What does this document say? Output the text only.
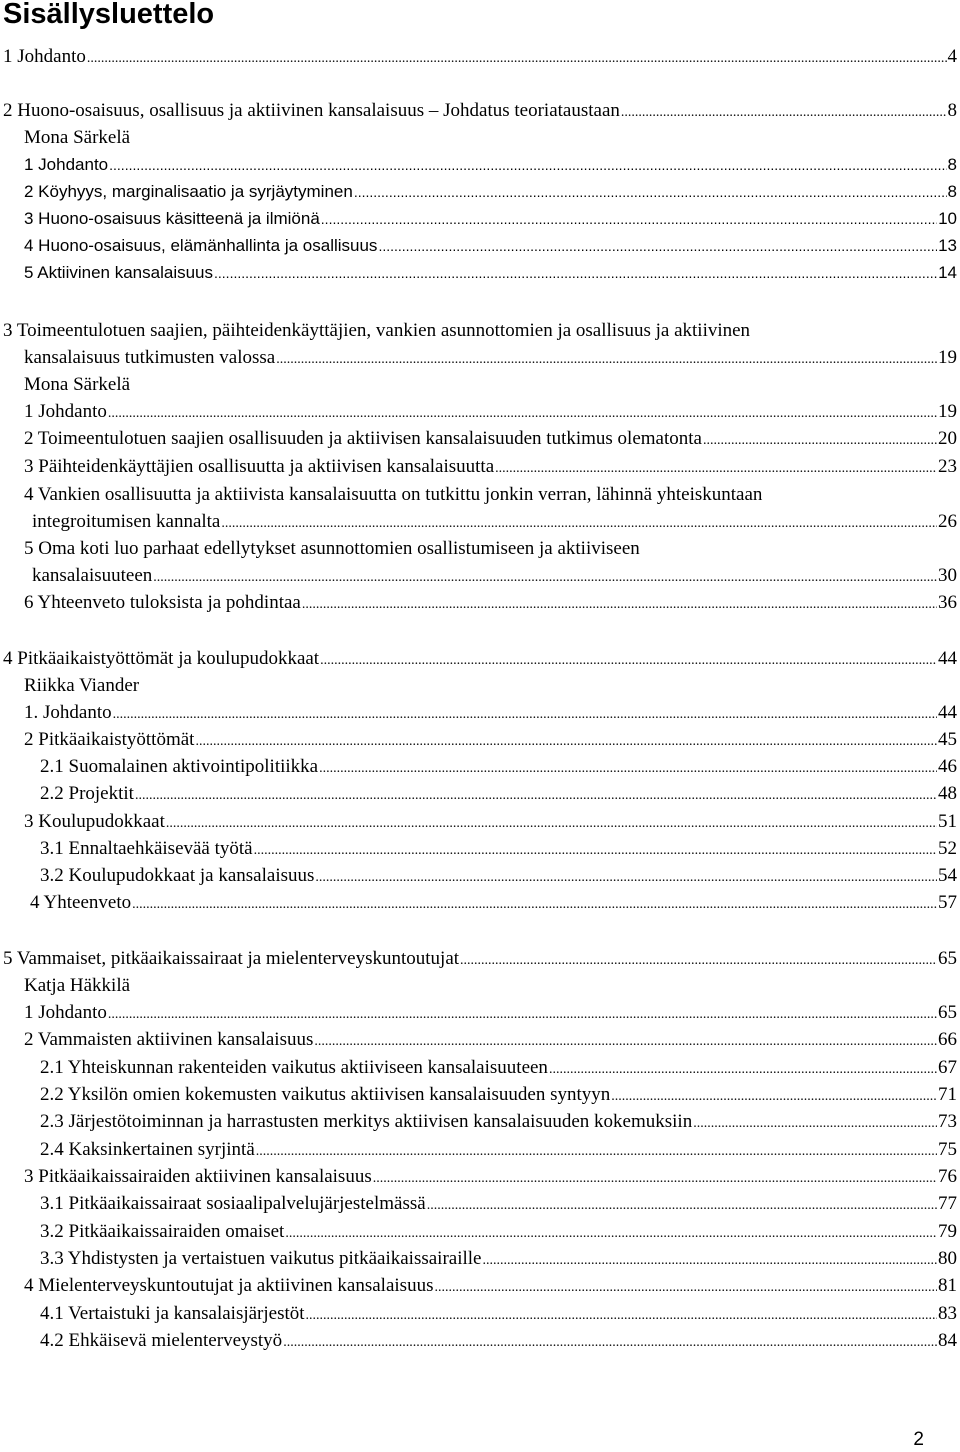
Sisällysluettelo
1 Johdanto .....	4
2 Huono-osaisuus, osallisuus ja aktiivinen kansalaisuus – Johdatus teoriataustaan .....	8
Mona Särkelä
1 Johdanto .....	8
2 Köyhyys, marginalisaatio ja syrjäytyminen .....	8
3 Huono-osaisuus käsitteenä ja ilmiönä .....	10
4 Huono-osaisuus, elämänhallinta ja osallisuus .....	13
5 Aktiivinen kansalaisuus .....	14
3 Toimeentulotuen saajien, päihteidenkäyttäjien, vankien asunnottomien ja osallisuus ja aktiivinen
kansalaisuus tutkimusten valossa .....	19
Mona Särkelä
1 Johdanto .....	19
2 Toimeentulotuen saajien osallisuuden ja aktiivisen kansalaisuuden tutkimus olematonta .....	20
3 Päihteidenkäyttäjien osallisuutta ja aktiivisen kansalaisuutta .....	23
4 Vankien osallisuutta ja aktiivista kansalaisuutta on tutkittu jonkin verran, lähinnä yhteiskuntaan
integroitumisen kannalta .....	26
5 Oma koti luo parhaat edellytykset asunnottomien osallistumiseen ja aktiiviseen
kansalaisuuteen .....	30
6 Yhteenveto tuloksista ja pohdintaa .....	36
4 Pitkäaikaistyöttömät ja koulupudokkaat .....	44
Riikka Viander
1. Johdanto .....	44
2 Pitkäaikaistyöttömät .....	45
2.1 Suomalainen aktivointipolitiikka .....	46
2.2 Projektit .....	48
3 Koulupudokkaat .....	51
3.1 Ennaltaehkäisevää työtä .....	52
3.2 Koulupudokkaat ja kansalaisuus .....	54
4 Yhteenveto .....	57
5 Vammaiset, pitkäaikaissairaat ja mielenterveyskuntoutujat .....	65
Katja Häkkilä
1 Johdanto .....	65
2 Vammaisten aktiivinen kansalaisuus .....	66
2.1 Yhteiskunnan rakenteiden vaikutus aktiiviseen kansalaisuuteen .....	67
2.2 Yksilön omien kokemusten vaikutus aktiivisen kansalaisuuden syntyyn .....	71
2.3 Järjestötoiminnan ja harrastusten merkitys aktiivisen kansalaisuuden kokemuksiin .....	73
2.4 Kaksinkertainen syrjintä .....	75
3 Pitkäaikaissairaiden aktiivinen kansalaisuus .....	76
3.1 Pitkäaikaissairaat sosiaalipalvelujärjestelmässä .....	77
3.2 Pitkäaikaissairaiden omaiset .....	79
3.3 Yhdistysten ja vertaistuen vaikutus pitkäaikaissairaille .....	80
4 Mielenterveyskuntoutujat ja aktiivinen kansalaisuus .....	81
4.1 Vertaistuki ja kansalaisjärjestöt .....	83
4.2 Ehkäisevä mielenterveystyö .....	84
2
